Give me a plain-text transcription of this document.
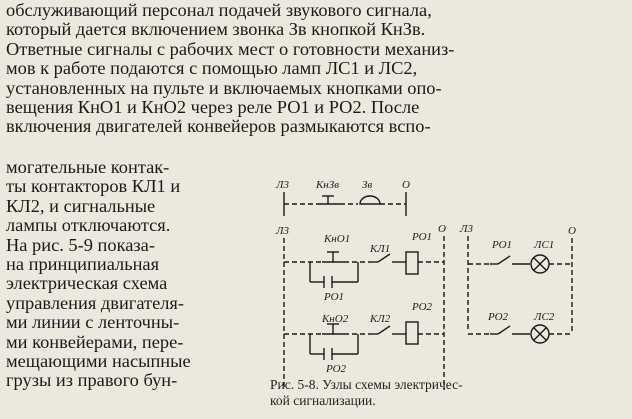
обслуживающий персонал подачей звукового сигнала,
который дается включением звонка Зв кнопкой КнЗв.
Ответные сигналы с рабочих мест о готовности механиз-
мов к работе подаются с помощью ламп ЛС1 и ЛС2,
установленных на пульте и включаемых кнопками опо-
вещения КнО1 и КнО2 через реле РО1 и РО2. После
включения двигателей конвейеров размыкаются вспо-
могательные контак-
ты контакторов КЛ1 и
КЛ2, и сигнальные
лампы отключаются.
На рис. 5-9 показа-
на принципиальная
электрическая схема
управления двигателя-
ми линии с ленточны-
ми конвейерами, пере-
мещающими насыпные
грузы из правого бун-
Л3 КнЗв Зв	О
Л3
КнО1
КЛ1
РО1
О
РО1
КнО2 КЛ2
РО2
РО2
Л3
РО1 ЛС1
О
РО2 ЛС2
Рис. 5-8. Узлы схемы электричес-
кой сигнализации.
